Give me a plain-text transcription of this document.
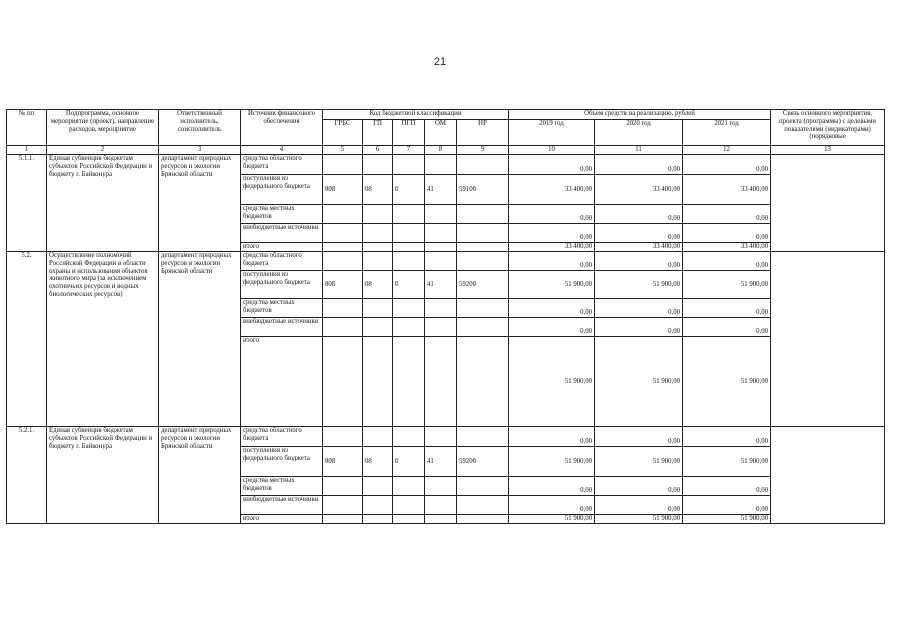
21
№ пп	Подпрограмма, основное мероприятие (проект), направление расходов, мероприятие	Ответственный исполнитель, соисполнитель	Источник финансового обеспечения	Код бюджетной классификации					Объем средств на реализацию, рублей			Связь основного мероприятия, проекта (программы) с целевыми показателями (индикаторами) (порядковые
				ГРБС	ГП	ПГП	ОМ	НР	2019 год	2020 год	2021 год	
1	2	3	4	5	6	7	8	9	10	11	12	13
5.1.1.	Единая субвенция бюджетам субъектов Российской Федерации и бюджету г. Байконура	департамент природных ресурсов и экологии Брянской области	средства областного бюджета						0,00	0,00	0,00	
			поступления из федерального бюджета	808	08	0	41	59100	33 400,00	33 400,00	33 400,00	
			средства местных бюджетов						0,00	0,00	0,00	
			внебюджетные источники						0,00	0,00	0,00	
			итого						33 400,00	33 400,00	33 400,00	
5.2.	Осуществление полномочий Российской Федерации в области охраны и использования объектов животного мира (за исключением охотничьих ресурсов и водных биологических ресурсов)	департамент природных ресурсов и экологии Брянской области	средства областного бюджета						0,00	0,00	0,00	
			поступления из федерального бюджета	808	08	0	41	59200	51 900,00	51 900,00	51 900,00	
			средства местных бюджетов						0,00	0,00	0,00	
			внебюджетные источники						0,00	0,00	0,00	
			итого						51 900,00	51 900,00	51 900,00	
5.2.1.	Единая субвенция бюджетам субъектов Российской Федерации и бюджету г. Байконура	департамент природных ресурсов и экологии Брянской области	средства областного бюджета						0,00	0,00	0,00	
			поступления из федерального бюджета	808	08	0	41	59200	51 900,00	51 900,00	51 900,00	
			средства местных бюджетов						0,00	0,00	0,00	
			внебюджетные источники						0,00	0,00	0,00	
			итого						51 900,00	51 900,00	51 900,00	
